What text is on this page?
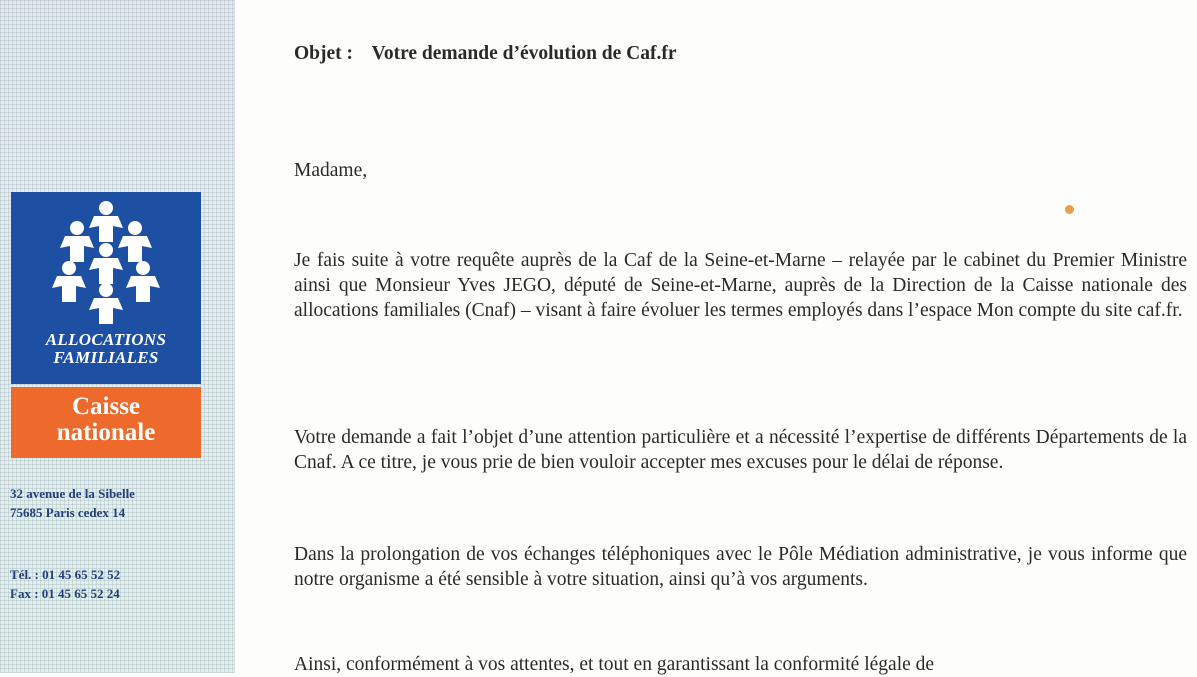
ALLOCATIONS
FAMILIALES
Caisse
nationale
32 avenue de la Sibelle
75685 Paris cedex 14
Tél. : 01 45 65 52 52
Fax : 01 45 65 52 24
Objet : Votre demande d’évolution de Caf.fr
Madame,
Je fais suite à votre requête auprès de la Caf de la Seine-et-Marne – relayée par le cabinet du Premier Ministre ainsi que Monsieur Yves JEGO, député de Seine-et-Marne, auprès de la Direction de la Caisse nationale des allocations familiales (Cnaf) – visant à faire évoluer les termes employés dans l’espace Mon compte du site caf.fr.
Votre demande a fait l’objet d’une attention particulière et a nécessité l’expertise de différents Départements de la Cnaf. A ce titre, je vous prie de bien vouloir accepter mes excuses pour le délai de réponse.
Dans la prolongation de vos échanges téléphoniques avec le Pôle Médiation administrative, je vous informe que notre organisme a été sensible à votre situation, ainsi qu’à vos arguments.
Ainsi, conformément à vos attentes, et tout en garantissant la conformité légale de
